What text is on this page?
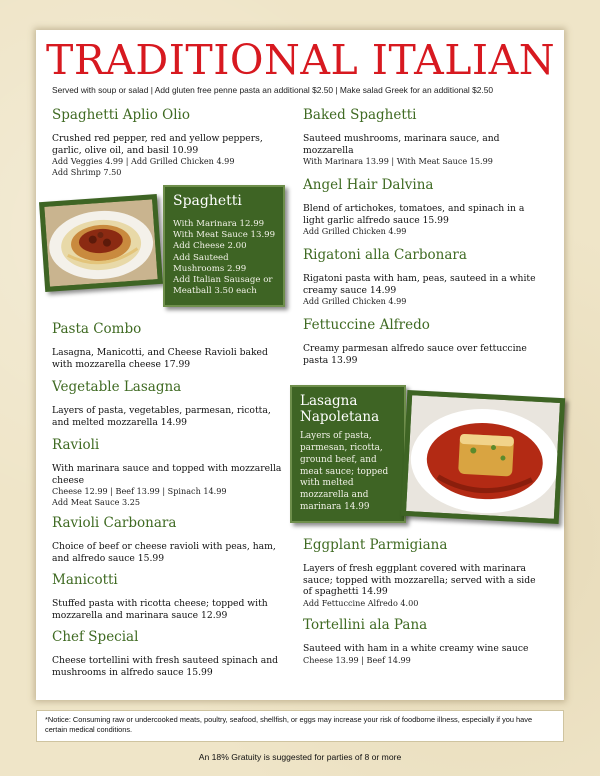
TRADITIONAL ITALIAN
Served with soup or salad | Add gluten free penne pasta an additional $2.50 | Make salad Greek for an additional $2.50
Spaghetti Aplio Olio
Crushed red pepper, red and yellow peppers, garlic, olive oil, and basil 10.99
Add Veggies 4.99 | Add Grilled Chicken 4.99
Add Shrimp 7.50
Spaghetti
With Marinara 12.99
With Meat Sauce 13.99
Add Cheese 2.00
Add Sauteed
Mushrooms 2.99
Add Italian Sausage or
Meatball 3.50 each
Pasta Combo
Lasagna, Manicotti, and Cheese Ravioli baked with mozzarella cheese 17.99
Vegetable Lasagna
Layers of pasta, vegetables, parmesan, ricotta, and melted mozzarella 14.99
Ravioli
With marinara sauce and topped with mozzarella cheese
Cheese 12.99 | Beef 13.99 | Spinach 14.99
Add Meat Sauce 3.25
Ravioli Carbonara
Choice of beef or cheese ravioli with peas, ham, and alfredo sauce 15.99
Manicotti
Stuffed pasta with ricotta cheese; topped with mozzarella and marinara sauce 12.99
Chef Special
Cheese tortellini with fresh sauteed spinach and mushrooms in alfredo sauce 15.99
Baked Spaghetti
Sauteed mushrooms, marinara sauce, and mozzarella
With Marinara 13.99 | With Meat Sauce 15.99
Angel Hair Dalvina
Blend of artichokes, tomatoes, and spinach in a light garlic alfredo sauce 15.99
Add Grilled Chicken 4.99
Rigatoni alla Carbonara
Rigatoni pasta with ham, peas, sauteed in a white creamy sauce 14.99
Add Grilled Chicken 4.99
Fettuccine Alfredo
Creamy parmesan alfredo sauce over fettuccine pasta 13.99
Lasagna
Napoletana
Layers of pasta, parmesan, ricotta, ground beef, and meat sauce; topped with melted mozzarella and marinara 14.99
Eggplant Parmigiana
Layers of fresh eggplant covered with marinara sauce; topped with mozzarella; served with a side of spaghetti 14.99
Add Fettuccine Alfredo 4.00
Tortellini ala Pana
Sauteed with ham in a white creamy wine sauce
Cheese 13.99 | Beef 14.99
*Notice: Consuming raw or undercooked meats, poultry, seafood, shellfish, or eggs may increase your risk of foodborne illness, especially if you have certain medical conditions.
An 18% Gratuity is suggested for parties of 8 or more
